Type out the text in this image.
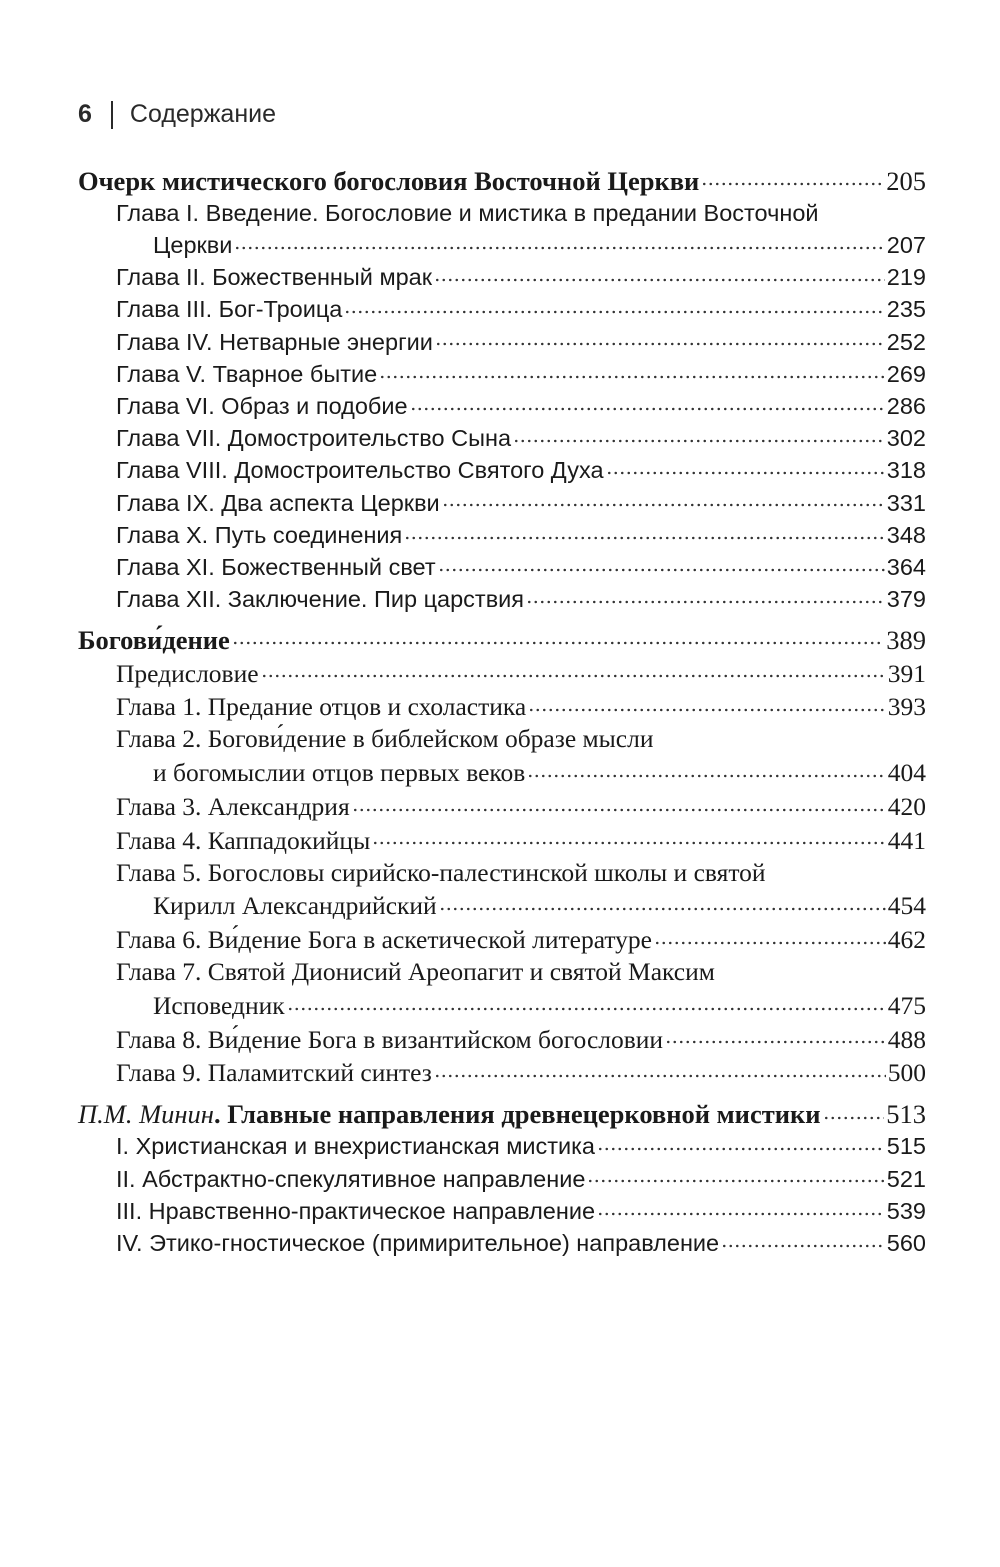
6 Содержание
Очерк мистического богословия Восточной Церкви	205
Глава I. Введение. Богословие и мистика в предании Восточной
Церкви	207
Глава II. Божественный мрак	219
Глава III. Бог-Троица	235
Глава IV. Нетварные энергии	252
Глава V. Тварное бытие	269
Глава VI. Образ и подобие	286
Глава VII. Домостроительство Сына	302
Глава VIII. Домостроительство Святого Духа	318
Глава IX. Два аспекта Церкви	331
Глава X. Путь соединения	348
Глава XI. Божественный свет	364
Глава XII. Заключение. Пир царствия	379
Богови́дение	389
Предисловие	391
Глава 1. Предание отцов и схоластика	393
Глава 2. Богови́дение в библейском образе мысли
и богомыслии отцов первых веков	404
Глава 3. Александрия	420
Глава 4. Каппадокийцы	441
Глава 5. Богословы сирийско-палестинской школы и святой
Кирилл Александрийский	454
Глава 6. Ви́дение Бога в аскетической литературе	462
Глава 7. Святой Дионисий Ареопагит и святой Максим
Исповедник	475
Глава 8. Ви́дение Бога в византийском богословии	488
Глава 9. Паламитский синтез	500
П.М. Минин. Главные направления древнецерковной мистики 513
I. Христианская и внехристианская мистика	515
II. Абстрактно-спекулятивное направление	521
III. Нравственно-практическое направление	539
IV. Этико-гностическое (примирительное) направление	560
